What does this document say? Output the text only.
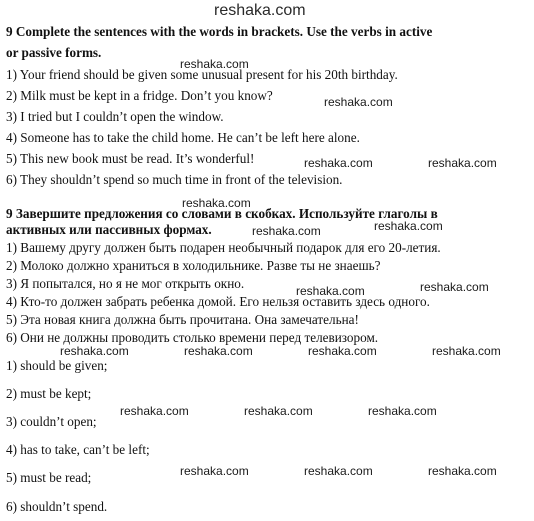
reshaka.com
9 Complete the sentences with the words in brackets. Use the verbs in active
or passive forms.
1) Your friend should be given some unusual present for his 20th birthday.
2) Milk must be kept in a fridge. Don’t you know?
3) I tried but I couldn’t open the window.
4) Someone has to take the child home. He can’t be left here alone.
5) This new book must be read. It’s wonderful!
6) They shouldn’t spend so much time in front of the television.
9 Завершите предложения со словами в скобках. Используйте глаголы в
активных или пассивных формах.
1) Вашему другу должен быть подарен необычный подарок для его 20-летия.
2) Молоко должно храниться в холодильнике. Разве ты не знаешь?
3) Я попытался, но я не мог открыть окно.
4) Кто-то должен забрать ребенка домой. Его нельзя оставить здесь одного.
5) Эта новая книга должна быть прочитана. Она замечательна!
6) Они не должны проводить столько времени перед телевизором.
1) should be given;
2) must be kept;
3) couldn’t open;
4) has to take, can’t be left;
5) must be read;
6) shouldn’t spend.
reshaka.com
reshaka.com
reshaka.com	reshaka.com
reshaka.com
reshaka.com	reshaka.com
reshaka.com	reshaka.com
reshaka.com	reshaka.com	reshaka.com	reshaka.com
reshaka.com	reshaka.com	reshaka.com
reshaka.com	reshaka.com	reshaka.com
